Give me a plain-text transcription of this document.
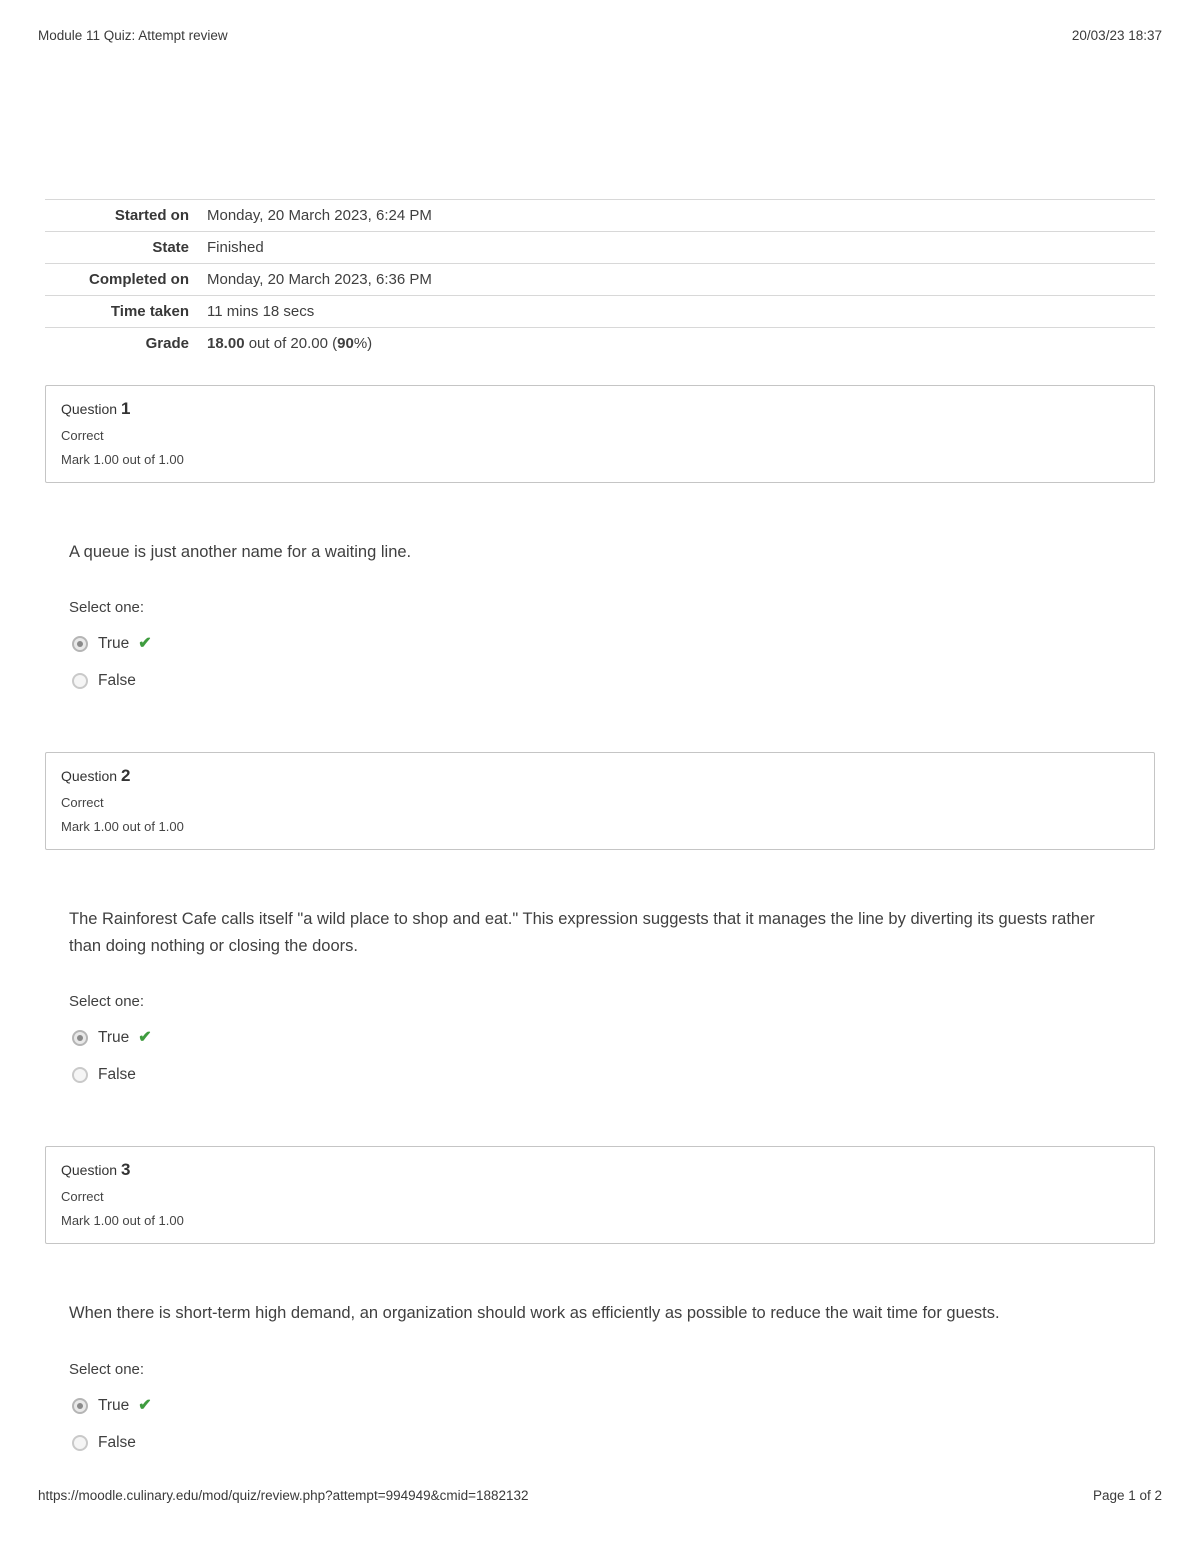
Module 11 Quiz: Attempt review	20/03/23 18:37
Started on	Monday, 20 March 2023, 6:24 PM
State	Finished
Completed on	Monday, 20 March 2023, 6:36 PM
Time taken	11 mins 18 secs
Grade	18.00 out of 20.00 (90%)
Question 1
Correct
Mark 1.00 out of 1.00
A queue is just another name for a waiting line.
Select one:
True ✔
False
Question 2
Correct
Mark 1.00 out of 1.00
The Rainforest Cafe calls itself "a wild place to shop and eat." This expression suggests that it manages the line by diverting its guests rather than doing nothing or closing the doors.
Select one:
True ✔
False
Question 3
Correct
Mark 1.00 out of 1.00
When there is short-term high demand, an organization should work as efficiently as possible to reduce the wait time for guests.
Select one:
True ✔
False
https://moodle.culinary.edu/mod/quiz/review.php?attempt=994949&cmid=1882132	Page 1 of 2
